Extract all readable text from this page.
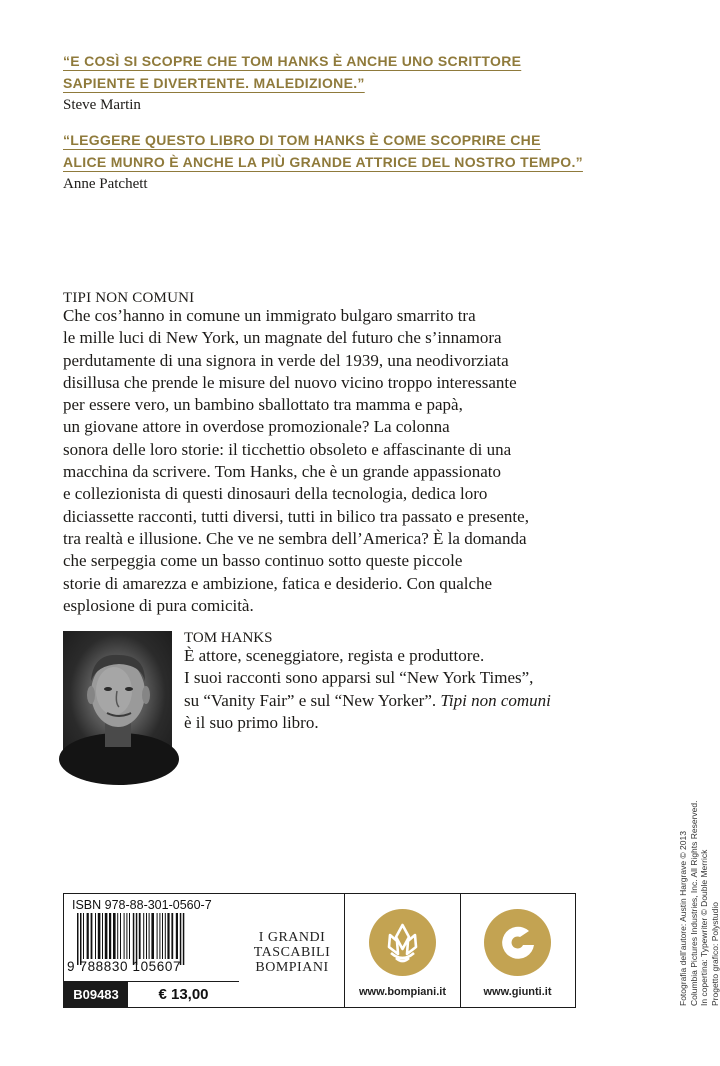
“E COSÌ SI SCOPRE CHE TOM HANKS È ANCHE UNO SCRITTORE
SAPIENTE E DIVERTENTE. MALEDIZIONE.”

Steve Martin

“LEGGERE QUESTO LIBRO DI TOM HANKS È COME SCOPRIRE CHE
ALICE MUNRO È ANCHE LA PIÙ GRANDE ATTRICE DEL NOSTRO TEMPO.”

Anne Patchett

TIPI NON COMUNI

Che cos’hanno in comune un immigrato bulgaro smarrito tra
le mille luci di New York, un magnate del futuro che s’innamora
perdutamente di una signora in verde del 1939, una neodivorziata
disillusa che prende le misure del nuovo vicino troppo interessante
per essere vero, un bambino sballottato tra mamma e papà,
un giovane attore in overdose promozionale? La colonna
sonora delle loro storie: il ticchettio obsoleto e affascinante di una
macchina da scrivere. Tom Hanks, che è un grande appassionato
e collezionista di questi dinosauri della tecnologia, dedica loro
diciassette racconti, tutti diversi, tutti in bilico tra passato e presente,
tra realtà e illusione. Che ve ne sembra dell’America? È la domanda
che serpeggia come un basso continuo sotto queste piccole
storie di amarezza e ambizione, fatica e desiderio. Con qualche
esplosione di pura comicità.

TOM HANKS

È attore, sceneggiatore, regista e produttore.
I suoi racconti sono apparsi sul “New York Times”,
su “Vanity Fair” e sul “New Yorker”. Tipi non comuni
è il suo primo libro.

Fotografia dell’autore: Austin Hargrave © 2013 Columbia Pictures Industries, Inc. All Rights Reserved. In copertina: Typewriter © Double Merrick Progetto grafico: Polystudio
ISBN 978-88-301-0560-7
9 788830 105607
B09483	€ 13,00
I GRANDI
TASCABILI
BOMPIANI
www.bompiani.it	www.giunti.it
